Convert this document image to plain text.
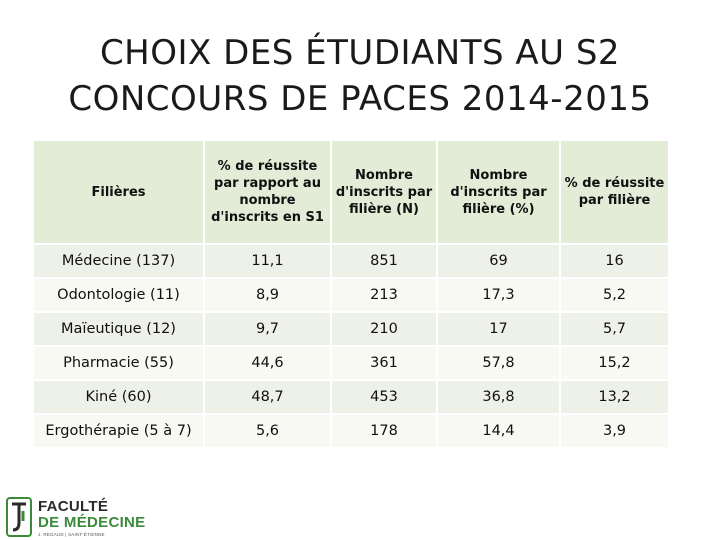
CHOIX DES ÉTUDIANTS AU S2
CONCOURS DE PACES 2014-2015
Filières	% de réussite par rapport au nombre d'inscrits en S1	Nombre d'inscrits par filière (N)	Nombre d'inscrits par filière (%)	% de réussite par filière
Médecine (137)	11,1	851	69	16
Odontologie (11)	8,9	213	17,3	5,2
Maïeutique (12)	9,7	210	17	5,7
Pharmacie (55)	44,6	361	57,8	15,2
Kiné (60)	48,7	453	36,8	13,2
Ergothérapie (5 à 7)	5,6	178	14,4	3,9
FACULTÉ
DE MÉDECINE
J. REGAUD | SAINT-ÉTIENNE
